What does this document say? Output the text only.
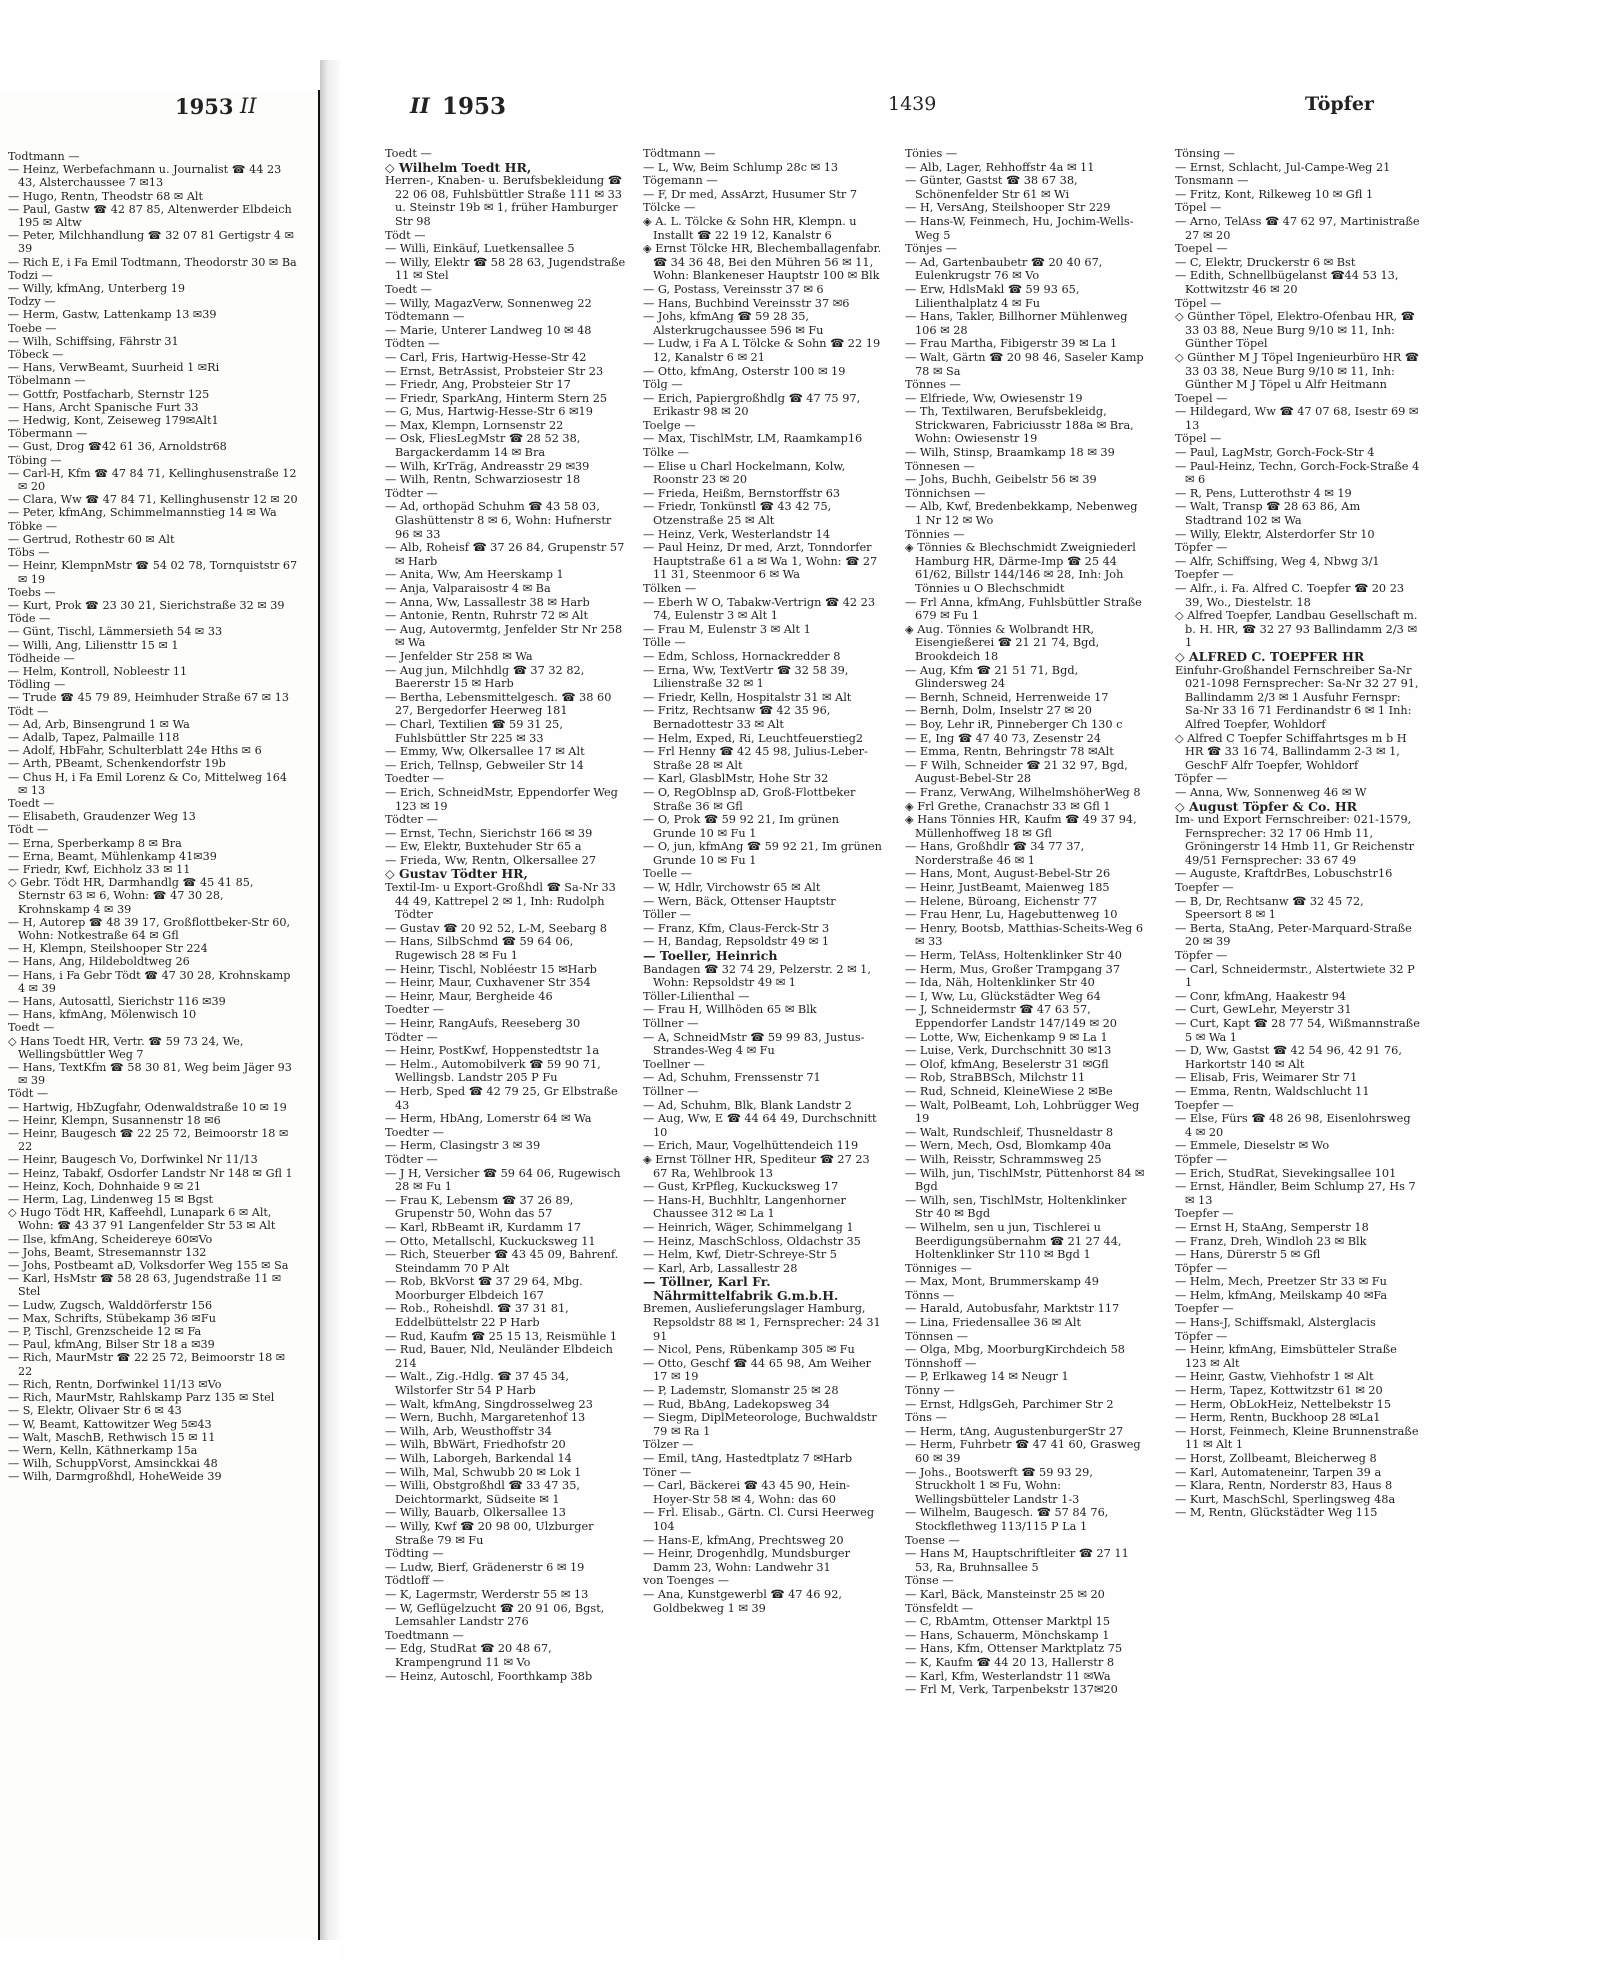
1953 II

Todtmann —

— Heinz, Werbefachmann u. Journalist ☎ 44 23 43, Alsterchaussee 7 ✉13

— Hugo, Rentn, Theodstr 68 ✉ Alt

— Paul, Gastw ☎ 42 87 85, Altenwerder Elbdeich 195 ✉ Altw

— Peter, Milchhandlung ☎ 32 07 81 Gertigstr 4 ✉ 39

— Rich E, i Fa Emil Todtmann, Theodorstr 30 ✉ Ba

Todzi —

— Willy, kfmAng, Unterberg 19

Todzy —

— Herm, Gastw, Lattenkamp 13 ✉39

Toebe —

— Wilh, Schiffsing, Fährstr 31

Töbeck —

— Hans, VerwBeamt, Suurheid 1 ✉Ri

Töbelmann —

— Gottfr, Postfacharb, Sternstr 125

— Hans, Archt Spanische Furt 33

— Hedwig, Kont, Zeiseweg 179✉Alt1

Töbermann —

— Gust, Drog ☎42 61 36, Arnoldstr68

Töbing —

— Carl-H, Kfm ☎ 47 84 71, Kellinghusenstraße 12 ✉ 20

— Clara, Ww ☎ 47 84 71, Kellinghusenstr 12 ✉ 20

— Peter, kfmAng, Schimmelmannstieg 14 ✉ Wa

Töbke —

— Gertrud, Rothestr 60 ✉ Alt

Töbs —

— Heinr, KlempnMstr ☎ 54 02 78, Tornquiststr 67 ✉ 19

Toebs —

— Kurt, Prok ☎ 23 30 21, Sierichstraße 32 ✉ 39

Töde —

— Günt, Tischl, Lämmersieth 54 ✉ 33

— Willi, Ang, Liliensttr 15 ✉ 1

Tödheide —

— Helm, Kontroll, Nobleestr 11

Tödling —

— Trude ☎ 45 79 89, Heimhuder Straße 67 ✉ 13

Tödt —

— Ad, Arb, Binsengrund 1 ✉ Wa

— Adalb, Tapez, Palmaille 118

— Adolf, HbFahr, Schulterblatt 24e Hths ✉ 6

— Arth, PBeamt, Schenkendorfstr 19b

— Chus H, i Fa Emil Lorenz & Co, Mittelweg 164 ✉ 13

Toedt —

— Elisabeth, Graudenzer Weg 13

Tödt —

— Erna, Sperberkamp 8 ✉ Bra

— Erna, Beamt, Mühlenkamp 41✉39

— Friedr, Kwf, Eichholz 33 ✉ 11

◇ Gebr. Tödt HR, Darmhandlg ☎ 45 41 85, Sternstr 63 ✉ 6, Wohn: ☎ 47 30 28, Krohnskamp 4 ✉ 39

— H, Autorep ☎ 48 39 17, Großflottbeker-Str 60, Wohn: Notkestraße 64 ✉ Gfl

— H, Klempn, Steilshooper Str 224

— Hans, Ang, Hildeboldtweg 26

— Hans, i Fa Gebr Tödt ☎ 47 30 28, Krohnskamp 4 ✉ 39

— Hans, Autosattl, Sierichstr 116 ✉39

— Hans, kfmAng, Mölenwisch 10

Toedt —

◇ Hans Toedt HR, Vertr. ☎ 59 73 24, We, Wellingsbüttler Weg 7

— Hans, TextKfm ☎ 58 30 81, Weg beim Jäger 93 ✉ 39

Tödt —

— Hartwig, HbZugfahr, Odenwaldstraße 10 ✉ 19

— Heinr, Klempn, Susannenstr 18 ✉6

— Heinr, Baugesch ☎ 22 25 72, Beimoorstr 18 ✉ 22

— Heinr, Baugesch Vo, Dorfwinkel Nr 11/13

— Heinz, Tabakf, Osdorfer Landstr Nr 148 ✉ Gfl 1

— Heinz, Koch, Dohnhaide 9 ✉ 21

— Herm, Lag, Lindenweg 15 ✉ Bgst

◇ Hugo Tödt HR, Kaffeehdl, Lunapark 6 ✉ Alt, Wohn: ☎ 43 37 91 Langenfelder Str 53 ✉ Alt

— Ilse, kfmAng, Scheidereye 60✉Vo

— Johs, Beamt, Stresemannstr 132

— Johs, Postbeamt aD, Volksdorfer Weg 155 ✉ Sa

— Karl, HsMstr ☎ 58 28 63, Jugendstraße 11 ✉ Stel

— Ludw, Zugsch, Walddörferstr 156

— Max, Schrifts, Stübekamp 36 ✉Fu

— P, Tischl, Grenzscheide 12 ✉ Fa

— Paul, kfmAng, Bilser Str 18 a ✉39

— Rich, MaurMstr ☎ 22 25 72, Beimoorstr 18 ✉ 22

— Rich, Rentn, Dorfwinkel 11/13 ✉Vo

— Rich, MaurMstr, Rahlskamp Parz 135 ✉ Stel

— S, Elektr, Olivaer Str 6 ✉ 43

— W, Beamt, Kattowitzer Weg 5✉43

— Walt, MaschB, Rethwisch 15 ✉ 11

— Wern, Kelln, Käthnerkamp 15a

— Wilh, SchuppVorst, Amsinckkai 48

— Wilh, Darmgroßhdl, HoheWeide 39

II 1953	1439	Töpfer

Toedt —

◇ Wilhelm Toedt HR,

Herren-, Knaben- u. Berufsbekleidung ☎ 22 06 08, Fuhlsbüttler Straße 111 ✉ 33 u. Steinstr 19b ✉ 1, früher Hamburger Str 98

Tödt —

— Willi, Einkäuf, Luetkensallee 5

— Willy, Elektr ☎ 58 28 63, Jugendstraße 11 ✉ Stel

Toedt —

— Willy, MagazVerw, Sonnenweg 22

Tödtemann —

— Marie, Unterer Landweg 10 ✉ 48

Tödten —

— Carl, Fris, Hartwig-Hesse-Str 42

— Ernst, BetrAssist, Probsteier Str 23

— Friedr, Ang, Probsteier Str 17

— Friedr, SparkAng, Hinterm Stern 25

— G, Mus, Hartwig-Hesse-Str 6 ✉19

— Max, Klempn, Lornsenstr 22

— Osk, FliesLegMstr ☎ 28 52 38, Bargackerdamm 14 ✉ Bra

— Wilh, KrTräg, Andreasstr 29 ✉39

— Wilh, Rentn, Schwarziosestr 18

Tödter —

— Ad, orthopäd Schuhm ☎ 43 58 03, Glashüttenstr 8 ✉ 6, Wohn: Hufnerstr 96 ✉ 33

— Alb, Roheisf ☎ 37 26 84, Grupenstr 57 ✉ Harb

— Anita, Ww, Am Heerskamp 1

— Anja, Valparaisostr 4 ✉ Ba

— Anna, Ww, Lassallestr 38 ✉ Harb

— Antonie, Rentn, Ruhrstr 72 ✉ Alt

— Aug, Autovermtg, Jenfelder Str Nr 258 ✉ Wa

— Jenfelder Str 258 ✉ Wa

— Aug jun, Milchhdlg ☎ 37 32 82, Baererstr 15 ✉ Harb

— Bertha, Lebensmittelgesch. ☎ 38 60 27, Bergedorfer Heerweg 181

— Charl, Textilien ☎ 59 31 25, Fuhlsbüttler Str 225 ✉ 33

— Emmy, Ww, Olkersallee 17 ✉ Alt

— Erich, Tellnsp, Gebweiler Str 14

Toedter —

— Erich, SchneidMstr, Eppendorfer Weg 123 ✉ 19

Tödter —

— Ernst, Techn, Sierichstr 166 ✉ 39

— Ew, Elektr, Buxtehuder Str 65 a

— Frieda, Ww, Rentn, Olkersallee 27

◇ Gustav Tödter HR,

Textil-Im- u Export-Großhdl ☎ Sa-Nr 33 44 49, Kattrepel 2 ✉ 1, Inh: Rudolph Tödter

— Gustav ☎ 20 92 52, L-M, Seebarg 8

— Hans, SilbSchmd ☎ 59 64 06, Rugewisch 28 ✉ Fu 1

— Heinr, Tischl, Nobléestr 15 ✉Harb

— Heinr, Maur, Cuxhavener Str 354

— Heinr, Maur, Bergheide 46

Toedter —

— Heinr, RangAufs, Reeseberg 30

Tödter —

— Heinr, PostKwf, Hoppenstedtstr 1a

— Helm., Automobilverk ☎ 59 90 71, Wellingsb. Landstr 205 P Fu

— Herb, Sped ☎ 42 79 25, Gr Elbstraße 43

— Herm, HbAng, Lomerstr 64 ✉ Wa

Toedter —

— Herm, Clasingstr 3 ✉ 39

Tödter —

— J H, Versicher ☎ 59 64 06, Rugewisch 28 ✉ Fu 1

— Frau K, Lebensm ☎ 37 26 89, Grupenstr 50, Wohn das 57

— Karl, RbBeamt iR, Kurdamm 17

— Otto, Metallschl, Kuckucksweg 11

— Rich, Steuerber ☎ 43 45 09, Bahrenf. Steindamm 70 P Alt

— Rob, BkVorst ☎ 37 29 64, Mbg. Moorburger Elbdeich 167

— Rob., Roheishdl. ☎ 37 31 81, Eddelbüttelstr 22 P Harb

— Rud, Kaufm ☎ 25 15 13, Reismühle 1

— Rud, Bauer, Nld, Neuländer Elbdeich 214

— Walt., Zig.-Hdlg. ☎ 37 45 34, Wilstorfer Str 54 P Harb

— Walt, kfmAng, Singdrosselweg 23

— Wern, Buchh, Margaretenhof 13

— Wilh, Arb, Weusthoffstr 34

— Wilh, BbWärt, Friedhofstr 20

— Wilh, Laborgeh, Barkendal 14

— Wilh, Mal, Schwubb 20 ✉ Lok 1

— Willi, Obstgroßhdl ☎ 33 47 35, Deichtormarkt, Südseite ✉ 1

— Willy, Bauarb, Olkersallee 13

— Willy, Kwf ☎ 20 98 00, Ulzburger Straße 79 ✉ Fu

Tödting —

— Ludw, Bierf, Grädenerstr 6 ✉ 19

Tödtloff —

— K, Lagermstr, Werderstr 55 ✉ 13

— W, Geflügelzucht ☎ 20 91 06, Bgst, Lemsahler Landstr 276

Toedtmann —

— Edg, StudRat ☎ 20 48 67, Krampengrund 11 ✉ Vo

— Heinz, Autoschl, Foorthkamp 38b

Tödtmann —

— L, Ww, Beim Schlump 28c ✉ 13

Tögemann —

— F, Dr med, AssArzt, Husumer Str 7

Tölcke —

◈ A. L. Tölcke & Sohn HR, Klempn. u Installt ☎ 22 19 12, Kanalstr 6

◈ Ernst Tölcke HR, Blechemballagenfabr. ☎ 34 36 48, Bei den Mühren 56 ✉ 11, Wohn: Blankeneser Hauptstr 100 ✉ Blk

— G, Postass, Vereinsstr 37 ✉ 6

— Hans, Buchbind Vereinsstr 37 ✉6

— Johs, kfmAng ☎ 59 28 35, Alsterkrugchaussee 596 ✉ Fu

— Ludw, i Fa A L Tölcke & Sohn ☎ 22 19 12, Kanalstr 6 ✉ 21

— Otto, kfmAng, Osterstr 100 ✉ 19

Tölg —

— Erich, Papiergroßhdlg ☎ 47 75 97, Erikastr 98 ✉ 20

Toelge —

— Max, TischlMstr, LM, Raamkamp16

Tölke —

— Elise u Charl Hockelmann, Kolw, Roonstr 23 ✉ 20

— Frieda, Heißm, Bernstorffstr 63

— Friedr, Tonkünstl ☎ 43 42 75, Otzenstraße 25 ✉ Alt

— Heinz, Verk, Westerlandstr 14

— Paul Heinz, Dr med, Arzt, Tonndorfer Hauptstraße 61 a ✉ Wa 1, Wohn: ☎ 27 11 31, Steenmoor 6 ✉ Wa

Tölken —

— Eberh W O, Tabakw-Vertrign ☎ 42 23 74, Eulenstr 3 ✉ Alt 1

— Frau M, Eulenstr 3 ✉ Alt 1

Tölle —

— Edm, Schloss, Hornackredder 8

— Erna, Ww, TextVertr ☎ 32 58 39, Lilienstraße 32 ✉ 1

— Friedr, Kelln, Hospitalstr 31 ✉ Alt

— Fritz, Rechtsanw ☎ 42 35 96, Bernadottestr 33 ✉ Alt

— Helm, Exped, Ri, Leuchtfeuerstieg2

— Frl Henny ☎ 42 45 98, Julius-Leber-Straße 28 ✉ Alt

— Karl, GlasblMstr, Hohe Str 32

— O, RegOblnsp aD, Groß-Flottbeker Straße 36 ✉ Gfl

— O, Prok ☎ 59 92 21, Im grünen Grunde 10 ✉ Fu 1

— O, jun, kfmAng ☎ 59 92 21, Im grünen Grunde 10 ✉ Fu 1

Toelle —

— W, Hdlr, Virchowstr 65 ✉ Alt

— Wern, Bäck, Ottenser Hauptstr

Töller —

— Franz, Kfm, Claus-Ferck-Str 3

— H, Bandag, Repsoldstr 49 ✉ 1

— Toeller, Heinrich

Bandagen ☎ 32 74 29, Pelzerstr. 2 ✉ 1, Wohn: Repsoldstr 49 ✉ 1

Töller-Lilienthal —

— Frau H, Willhöden 65 ✉ Blk

Töllner —

— A, SchneidMstr ☎ 59 99 83, Justus-Strandes-Weg 4 ✉ Fu

Toellner —

— Ad, Schuhm, Frenssenstr 71

Töllner —

— Ad, Schuhm, Blk, Blank Landstr 2

— Aug, Ww, E ☎ 44 64 49, Durchschnitt 10

— Erich, Maur, Vogelhüttendeich 119

◈ Ernst Töllner HR, Spediteur ☎ 27 23 67 Ra, Wehlbrook 13

— Gust, KrPfleg, Kuckucksweg 17

— Hans-H, Buchhltr, Langenhorner Chaussee 312 ✉ La 1

— Heinrich, Wäger, Schimmelgang 1

— Heinz, MaschSchloss, Oldachstr 35

— Helm, Kwf, Dietr-Schreye-Str 5

— Karl, Arb, Lassallestr 28

— Töllner, Karl Fr. Nährmittelfabrik G.m.b.H.

Bremen, Auslieferungslager Hamburg, Repsoldstr 88 ✉ 1, Fernsprecher: 24 31 91

— Nicol, Pens, Rübenkamp 305 ✉ Fu

— Otto, Geschf ☎ 44 65 98, Am Weiher 17 ✉ 19

— P, Lademstr, Slomanstr 25 ✉ 28

— Rud, BbAng, Ladekopsweg 34

— Siegm, DiplMeteorologe, Buchwaldstr 79 ✉ Ra 1

Tölzer —

— Emil, tAng, Hastedtplatz 7 ✉Harb

Töner —

— Carl, Bäckerei ☎ 43 45 90, Hein-Hoyer-Str 58 ✉ 4, Wohn: das 60

— Frl. Elisab., Gärtn. Cl. Cursi Heerweg 104

— Hans-E, kfmAng, Prechtsweg 20

— Heinr, Drogenhdlg, Mundsburger Damm 23, Wohn: Landwehr 31

von Toenges —

— Ana, Kunstgewerbl ☎ 47 46 92, Goldbekweg 1 ✉ 39

Tönies —

— Alb, Lager, Rehhoffstr 4a ✉ 11

— Günter, Gastst ☎ 38 67 38, Schönenfelder Str 61 ✉ Wi

— H, VersAng, Steilshooper Str 229

— Hans-W, Feinmech, Hu, Jochim-Wells-Weg 5

Tönjes —

— Ad, Gartenbaubetr ☎ 20 40 67, Eulenkrugstr 76 ✉ Vo

— Erw, HdlsMakl ☎ 59 93 65, Lilienthalplatz 4 ✉ Fu

— Hans, Takler, Billhorner Mühlenweg 106 ✉ 28

— Frau Martha, Fibigerstr 39 ✉ La 1

— Walt, Gärtn ☎ 20 98 46, Saseler Kamp 78 ✉ Sa

Tönnes —

— Elfriede, Ww, Owiesenstr 19

— Th, Textilwaren, Berufsbekleidg, Strickwaren, Fabriciusstr 188a ✉ Bra, Wohn: Owiesenstr 19

— Wilh, Stinsp, Braamkamp 18 ✉ 39

Tönnesen —

— Johs, Buchh, Geibelstr 56 ✉ 39

Tönnichsen —

— Alb, Kwf, Bredenbekkamp, Nebenweg 1 Nr 12 ✉ Wo

Tönnies —

◈ Tönnies & Blechschmidt Zweigniederl Hamburg HR, Därme-Imp ☎ 25 44 61/62, Billstr 144/146 ✉ 28, Inh: Joh Tönnies u O Blechschmidt

— Frl Anna, kfmAng, Fuhlsbüttler Straße 679 ✉ Fu 1

◈ Aug. Tönnies & Wolbrandt HR, Eisengießerei ☎ 21 21 74, Bgd, Brookdeich 18

— Aug, Kfm ☎ 21 51 71, Bgd, Glindersweg 24

— Bernh, Schneid, Herrenweide 17

— Bernh, Dolm, Inselstr 27 ✉ 20

— Boy, Lehr iR, Pinneberger Ch 130 c

— E, Ing ☎ 47 40 73, Zesenstr 24

— Emma, Rentn, Behringstr 78 ✉Alt

— F Wilh, Schneider ☎ 21 32 97, Bgd, August-Bebel-Str 28

— Franz, VerwAng, WilhelmshöherWeg 8

◈ Frl Grethe, Cranachstr 33 ✉ Gfl 1

◈ Hans Tönnies HR, Kaufm ☎ 49 37 94, Müllenhoffweg 18 ✉ Gfl

— Hans, Großhdlr ☎ 34 77 37, Norderstraße 46 ✉ 1

— Hans, Mont, August-Bebel-Str 26

— Heinr, JustBeamt, Maienweg 185

— Helene, Büroang, Eichenstr 77

— Frau Henr, Lu, Hagebuttenweg 10

— Henry, Bootsb, Matthias-Scheits-Weg 6 ✉ 33

— Herm, TelAss, Holtenklinker Str 40

— Herm, Mus, Großer Trampgang 37

— Ida, Näh, Holtenklinker Str 40

— I, Ww, Lu, Glückstädter Weg 64

— J, Schneidermstr ☎ 47 63 57, Eppendorfer Landstr 147/149 ✉ 20

— Lotte, Ww, Eichenkamp 9 ✉ La 1

— Luise, Verk, Durchschnitt 30 ✉13

— Olof, kfmAng, Beselerstr 31 ✉Gfl

— Rob, StraBBSch, Milchstr 11

— Rud, Schneid, KleineWiese 2 ✉Be

— Walt, PolBeamt, Loh, Lohbrügger Weg 19

— Walt, Rundschleif, Thusneldastr 8

— Wern, Mech, Osd, Blomkamp 40a

— Wilh, Reisstr, Schrammsweg 25

— Wilh, jun, TischlMstr, Püttenhorst 84 ✉ Bgd

— Wilh, sen, TischlMstr, Holtenklinker Str 40 ✉ Bgd

— Wilhelm, sen u jun, Tischlerei u Beerdigungsübernahm ☎ 21 27 44, Holtenklinker Str 110 ✉ Bgd 1

Tönniges —

— Max, Mont, Brummerskamp 49

Tönns —

— Harald, Autobusfahr, Marktstr 117

— Lina, Friedensallee 36 ✉ Alt

Tönnsen —

— Olga, Mbg, MoorburgKirchdeich 58

Tönnshoff —

— P, Erlkaweg 14 ✉ Neugr 1

Tönny —

— Ernst, HdlgsGeh, Parchimer Str 2

Töns —

— Herm, tAng, AugustenburgerStr 27

— Herm, Fuhrbetr ☎ 47 41 60, Grasweg 60 ✉ 39

— Johs., Bootswerft ☎ 59 93 29, Struckholt 1 ✉ Fu, Wohn: Wellingsbütteler Landstr 1-3

— Wilhelm, Baugesch. ☎ 57 84 76, Stockflethweg 113/115 P La 1

Toense —

— Hans M, Hauptschriftleiter ☎ 27 11 53, Ra, Bruhnsallee 5

Tönse —

— Karl, Bäck, Mansteinstr 25 ✉ 20

Tönsfeldt —

— C, RbAmtm, Ottenser Marktpl 15

— Hans, Schauerm, Mönchskamp 1

— Hans, Kfm, Ottenser Marktplatz 75

— K, Kaufm ☎ 44 20 13, Hallerstr 8

— Karl, Kfm, Westerlandstr 11 ✉Wa

— Frl M, Verk, Tarpenbekstr 137✉20

Tönsing —

— Ernst, Schlacht, Jul-Campe-Weg 21

Tonsmann —

— Fritz, Kont, Rilkeweg 10 ✉ Gfl 1

Töpel —

— Arno, TelAss ☎ 47 62 97, Martinistraße 27 ✉ 20

Toepel —

— C, Elektr, Druckerstr 6 ✉ Bst

— Edith, Schnellbügelanst ☎44 53 13, Kottwitzstr 46 ✉ 20

Töpel —

◇ Günther Töpel, Elektro-Ofenbau HR, ☎ 33 03 88, Neue Burg 9/10 ✉ 11, Inh: Günther Töpel

◇ Günther M J Töpel Ingenieurbüro HR ☎ 33 03 38, Neue Burg 9/10 ✉ 11, Inh: Günther M J Töpel u Alfr Heitmann

Toepel —

— Hildegard, Ww ☎ 47 07 68, Isestr 69 ✉ 13

Töpel —

— Paul, LagMstr, Gorch-Fock-Str 4

— Paul-Heinz, Techn, Gorch-Fock-Straße 4 ✉ 6

— R, Pens, Lutterothstr 4 ✉ 19

— Walt, Transp ☎ 28 63 86, Am Stadtrand 102 ✉ Wa

— Willy, Elektr, Alsterdorfer Str 10

Töpfer —

— Alfr, Schiffsing, Weg 4, Nbwg 3/1

Toepfer —

— Alfr., i. Fa. Alfred C. Toepfer ☎ 20 23 39, Wo., Diestelstr. 18

◇ Alfred Toepfer, Landbau Gesellschaft m. b. H. HR, ☎ 32 27 93 Ballindamm 2/3 ✉ 1

◇ ALFRED C. TOEPFER HR

Einfuhr-Großhandel Fernschreiber Sa-Nr 021-1098 Fernsprecher: Sa-Nr 32 27 91, Ballindamm 2/3 ✉ 1 Ausfuhr Fernspr: Sa-Nr 33 16 71 Ferdinandstr 6 ✉ 1 Inh: Alfred Toepfer, Wohldorf

◇ Alfred C Toepfer Schiffahrtsges m b H HR ☎ 33 16 74, Ballindamm 2-3 ✉ 1, GeschF Alfr Toepfer, Wohldorf

Töpfer —

— Anna, Ww, Sonnenweg 46 ✉ W

◇ August Töpfer & Co. HR

Im- und Export Fernschreiber: 021-1579, Fernsprecher: 32 17 06 Hmb 11, Gröningerstr 14 Hmb 11, Gr Reichenstr 49/51 Fernsprecher: 33 67 49

— Auguste, KraftdrBes, Lobuschstr16

Toepfer —

— B, Dr, Rechtsanw ☎ 32 45 72, Speersort 8 ✉ 1

— Berta, StaAng, Peter-Marquard-Straße 20 ✉ 39

Töpfer —

— Carl, Schneidermstr., Alstertwiete 32 P 1

— Conr, kfmAng, Haakestr 94

— Curt, GewLehr, Meyerstr 31

— Curt, Kapt ☎ 28 77 54, Wißmannstraße 5 ✉ Wa 1

— D, Ww, Gastst ☎ 42 54 96, 42 91 76, Harkortstr 140 ✉ Alt

— Elisab, Fris, Weimarer Str 71

— Emma, Rentn, Waldschlucht 11

Toepfer —

— Else, Fürs ☎ 48 26 98, Eisenlohrsweg 4 ✉ 20

— Emmele, Dieselstr ✉ Wo

Töpfer —

— Erich, StudRat, Sievekingsallee 101

— Ernst, Händler, Beim Schlump 27, Hs 7 ✉ 13

Toepfer —

— Ernst H, StaAng, Semperstr 18

— Franz, Dreh, Windloh 23 ✉ Blk

— Hans, Dürerstr 5 ✉ Gfl

Töpfer —

— Helm, Mech, Preetzer Str 33 ✉ Fu

— Helm, kfmAng, Meilskamp 40 ✉Fa

Toepfer —

— Hans-J, Schiffsmakl, Alsterglacis

Töpfer —

— Heinr, kfmAng, Eimsbütteler Straße 123 ✉ Alt

— Heinr, Gastw, Viehhofstr 1 ✉ Alt

— Herm, Tapez, Kottwitzstr 61 ✉ 20

— Herm, ObLokHeiz, Nettelbekstr 15

— Herm, Rentn, Buckhoop 28 ✉La1

— Horst, Feinmech, Kleine Brunnenstraße 11 ✉ Alt 1

— Horst, Zollbeamt, Bleicherweg 8

— Karl, Automateneinr, Tarpen 39 a

— Klara, Rentn, Norderstr 83, Haus 8

— Kurt, MaschSchl, Sperlingsweg 48a

— M, Rentn, Glückstädter Weg 115
